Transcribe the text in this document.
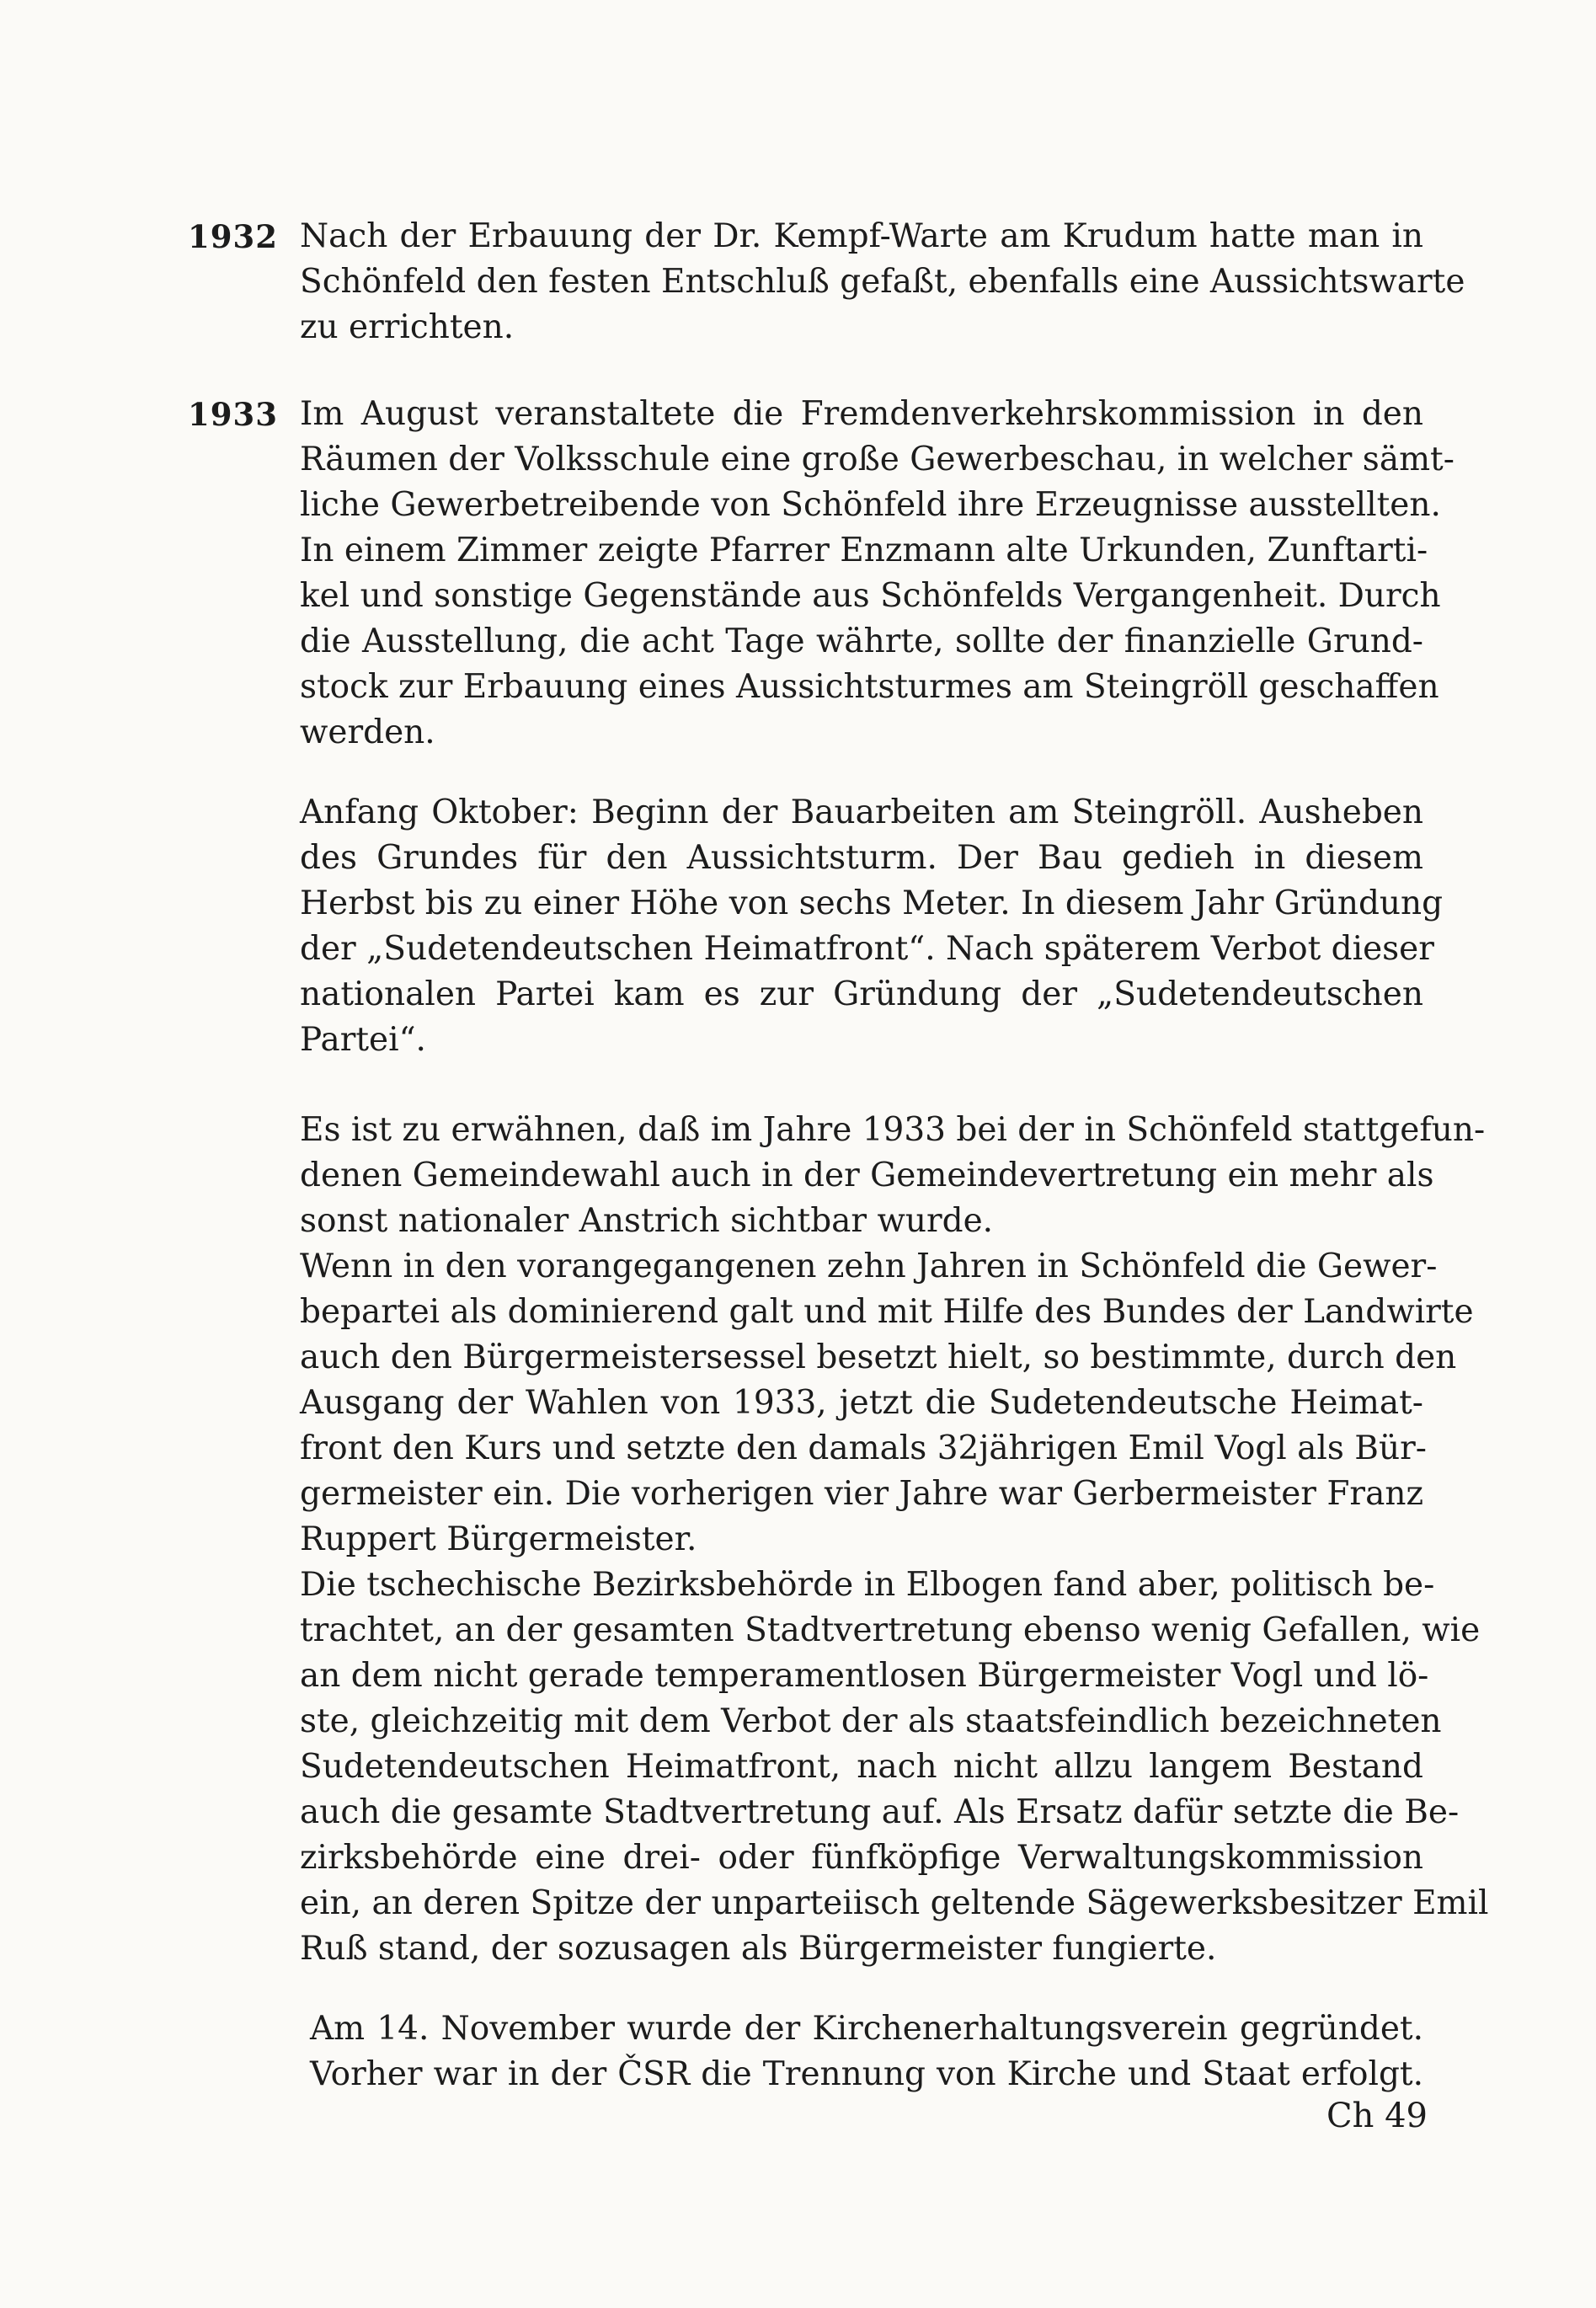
1932 Nach der Erbauung der Dr. Kempf-Warte am Krudum hatte man in
Schönfeld den festen Entschluß gefaßt, ebenfalls eine Aussichtswarte
zu errichten.
1933 Im August veranstaltete die Fremdenverkehrskommission in den
Räumen der Volksschule eine große Gewerbeschau, in welcher sämt-
liche Gewerbetreibende von Schönfeld ihre Erzeugnisse ausstellten.
In einem Zimmer zeigte Pfarrer Enzmann alte Urkunden, Zunftarti-
kel und sonstige Gegenstände aus Schönfelds Vergangenheit. Durch
die Ausstellung, die acht Tage währte, sollte der finanzielle Grund-
stock zur Erbauung eines Aussichtsturmes am Steingröll geschaffen
werden.
Anfang Oktober: Beginn der Bauarbeiten am Steingröll. Ausheben
des Grundes für den Aussichtsturm. Der Bau gedieh in diesem
Herbst bis zu einer Höhe von sechs Meter. In diesem Jahr Gründung
der „Sudetendeutschen Heimatfront“. Nach späterem Verbot dieser
nationalen Partei kam es zur Gründung der „Sudetendeutschen
Partei“.
Es ist zu erwähnen, daß im Jahre 1933 bei der in Schönfeld stattgefun-
denen Gemeindewahl auch in der Gemeindevertretung ein mehr als
sonst nationaler Anstrich sichtbar wurde.
Wenn in den vorangegangenen zehn Jahren in Schönfeld die Gewer-
bepartei als dominierend galt und mit Hilfe des Bundes der Landwirte
auch den Bürgermeistersessel besetzt hielt, so bestimmte, durch den
Ausgang der Wahlen von 1933, jetzt die Sudetendeutsche Heimat-
front den Kurs und setzte den damals 32jährigen Emil Vogl als Bür-
germeister ein. Die vorherigen vier Jahre war Gerbermeister Franz
Ruppert Bürgermeister.
Die tschechische Bezirksbehörde in Elbogen fand aber, politisch be-
trachtet, an der gesamten Stadtvertretung ebenso wenig Gefallen, wie
an dem nicht gerade temperamentlosen Bürgermeister Vogl und lö-
ste, gleichzeitig mit dem Verbot der als staatsfeindlich bezeichneten
Sudetendeutschen Heimatfront, nach nicht allzu langem Bestand
auch die gesamte Stadtvertretung auf. Als Ersatz dafür setzte die Be-
zirksbehörde eine drei- oder fünfköpfige Verwaltungskommission
ein, an deren Spitze der unparteiisch geltende Sägewerksbesitzer Emil
Ruß stand, der sozusagen als Bürgermeister fungierte.
Am 14. November wurde der Kirchenerhaltungsverein gegründet.
Vorher war in der ČSR die Trennung von Kirche und Staat erfolgt.
Ch 49
